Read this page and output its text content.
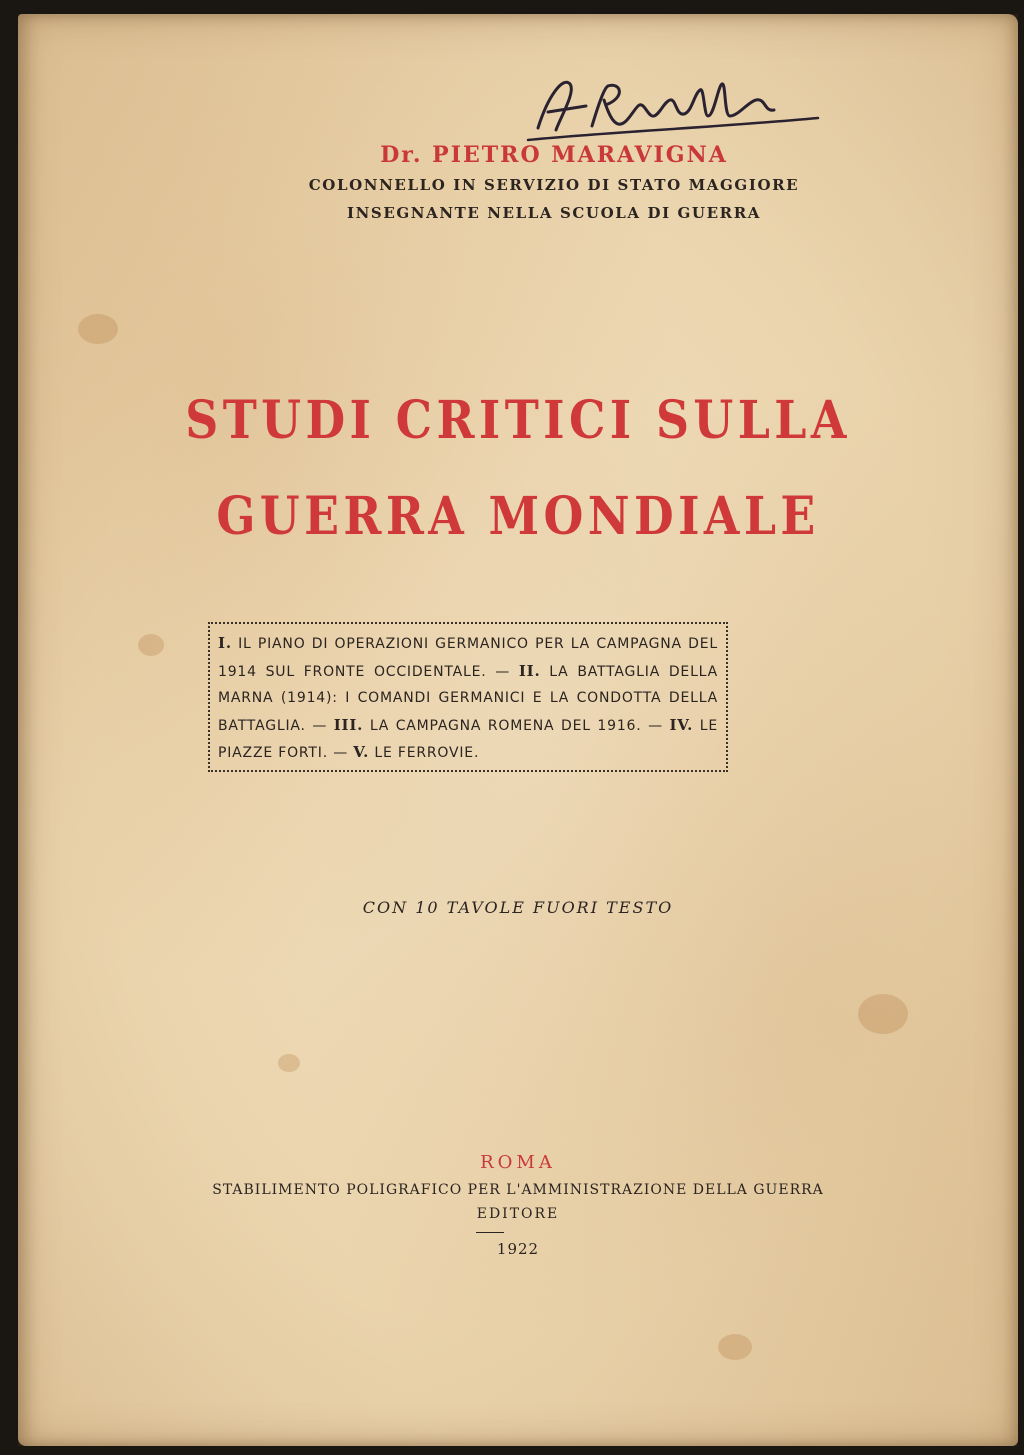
Dr. PIETRO MARAVIGNA
COLONNELLO IN SERVIZIO DI STATO MAGGIORE
INSEGNANTE NELLA SCUOLA DI GUERRA
STUDI CRITICI SULLA
GUERRA MONDIALE
I. IL PIANO DI OPERAZIONI GERMANICO PER LA CAMPAGNA DEL 1914 SUL FRONTE OCCIDENTALE. — II. LA BATTAGLIA DELLA MARNA (1914): I COMANDI GERMANICI E LA CONDOTTA DELLA BATTAGLIA. — III. LA CAMPAGNA ROMENA DEL 1916. — IV. LE PIAZZE FORTI. — V. LE FERROVIE.
CON 10 TAVOLE FUORI TESTO
ROMA
STABILIMENTO POLIGRAFICO PER L'AMMINISTRAZIONE DELLA GUERRA
EDITORE
1922
